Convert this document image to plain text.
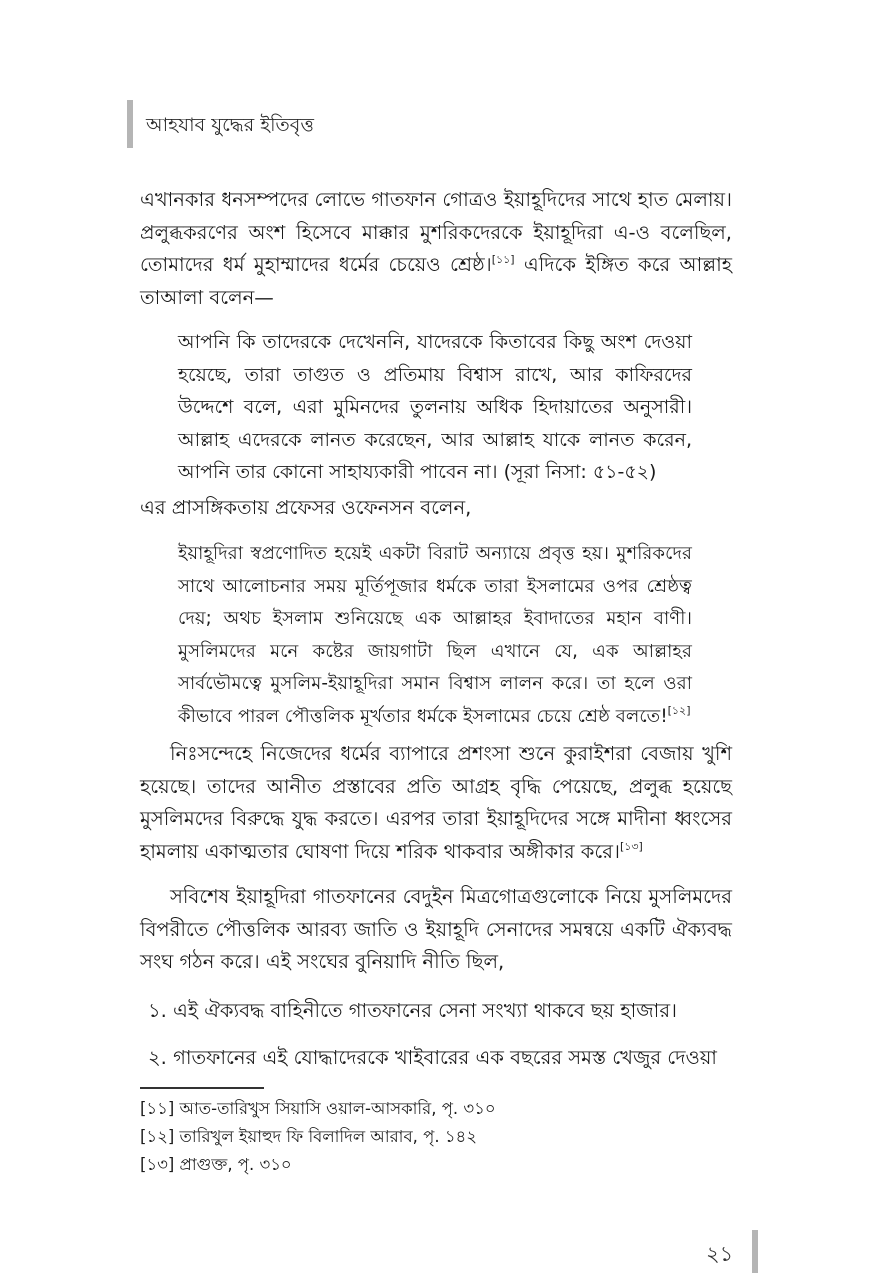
আহযাব যুদ্ধের ইতিবৃত্ত
এখানকার ধনসম্পদের লোভে গাতফান গোত্রও ইয়াহূদিদের সাথে হাত মেলায়। প্রলুব্ধকরণের অংশ হিসেবে মাক্কার মুশরিকদেরকে ইয়াহূদিরা এ-ও বলেছিল, তোমাদের ধর্ম মুহাম্মাদের ধর্মের চেয়েও শ্রেষ্ঠ।[১১] এদিকে ইঙ্গিত করে আল্লাহ তাআলা বলেন—
আপনি কি তাদেরকে দেখেননি, যাদেরকে কিতাবের কিছু অংশ দেওয়া হয়েছে, তারা তাগুত ও প্রতিমায় বিশ্বাস রাখে, আর কাফিরদের উদ্দেশে বলে, এরা মুমিনদের তুলনায় অধিক হিদায়াতের অনুসারী। আল্লাহ এদেরকে লানত করেছেন, আর আল্লাহ যাকে লানত করেন, আপনি তার কোনো সাহায্যকারী পাবেন না। (সূরা নিসা: ৫১-৫২)
এর প্রাসঙ্গিকতায় প্রফেসর ওফেনসন বলেন,
ইয়াহূদিরা স্বপ্রণোদিত হয়েই একটা বিরাট অন্যায়ে প্রবৃত্ত হয়। মুশরিকদের সাথে আলোচনার সময় মূর্তিপূজার ধর্মকে তারা ইসলামের ওপর শ্রেষ্ঠত্ব দেয়; অথচ ইসলাম শুনিয়েছে এক আল্লাহর ইবাদাতের মহান বাণী। মুসলিমদের মনে কষ্টের জায়গাটা ছিল এখানে যে, এক আল্লাহর সার্বভৌমত্বে মুসলিম-ইয়াহূদিরা সমান বিশ্বাস লালন করে। তা হলে ওরা কীভাবে পারল পৌত্তলিক মূর্খতার ধর্মকে ইসলামের চেয়ে শ্রেষ্ঠ বলতে![১২]
নিঃসন্দেহে নিজেদের ধর্মের ব্যাপারে প্রশংসা শুনে কুরাইশরা বেজায় খুশি হয়েছে। তাদের আনীত প্রস্তাবের প্রতি আগ্রহ বৃদ্ধি পেয়েছে, প্রলুব্ধ হয়েছে মুসলিমদের বিরুদ্ধে যুদ্ধ করতে। এরপর তারা ইয়াহূদিদের সঙ্গে মাদীনা ধ্বংসের হামলায় একাত্মতার ঘোষণা দিয়ে শরিক থাকবার অঙ্গীকার করে।[১৩]
সবিশেষ ইয়াহূদিরা গাতফানের বেদুইন মিত্রগোত্রগুলোকে নিয়ে মুসলিমদের বিপরীতে পৌত্তলিক আরব্য জাতি ও ইয়াহূদি সেনাদের সমন্বয়ে একটি ঐক্যবদ্ধ সংঘ গঠন করে। এই সংঘের বুনিয়াদি নীতি ছিল,
১. এই ঐক্যবদ্ধ বাহিনীতে গাতফানের সেনা সংখ্যা থাকবে ছয় হাজার।
২. গাতফানের এই যোদ্ধাদেরকে খাইবারের এক বছরের সমস্ত খেজুর দেওয়া
[১১] আত-তারিখুস সিয়াসি ওয়াল-আসকারি, পৃ. ৩১০
[১২] তারিখুল ইয়াহুদ ফি বিলাদিল আরাব, পৃ. ১৪২
[১৩] প্রাগুক্ত, পৃ. ৩১০
২১
